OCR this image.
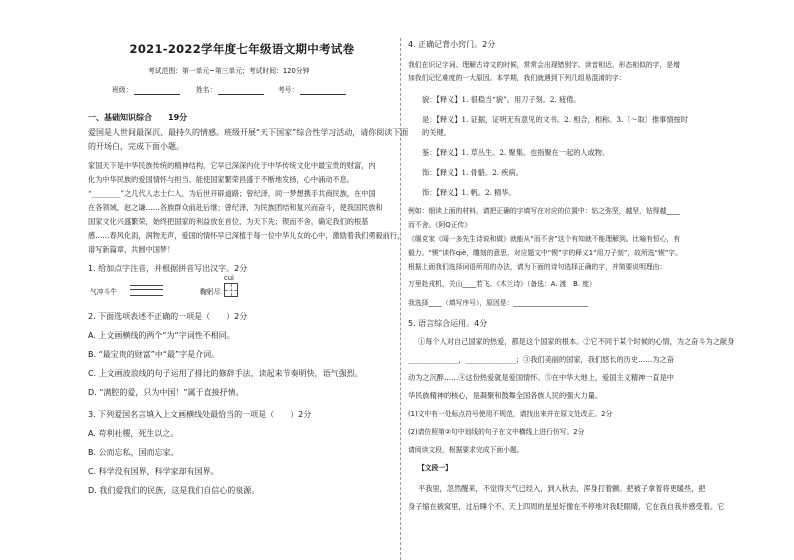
2021-2022学年度七年级语文期中考试卷
考试范围：第一单元~第三单元；考试时间：120分钟
班级：	姓名：	考号：
一、基础知识综合　　19分
爱国是人世间最深沉、最持久的情感。班级开展“天下国家”综合性学习活动，请你阅读下面
的开场白，完成下面小题。
家国天下是中华民族传统的精神结构，它早已深深内化于中华传统文化中最宝贵的财富，内
化为中华民族的爱国情怀与担当、能使国家繁荣昌盛于不断地发扬，心中涌动不息。
“________”之几代人志士仁人，为后世开辟道路；曾纪泽，同一梦想携手共商民族，在中国
在各领域，赵之谦……各族群众前赴后继；曾纪泽，为民族团结和复兴而奋斗，使我国民族和
国家文化兴盛繁荣，始终把国家的利益放在首位，为天下先；锲而不舍，确定我们的根基
感……春风化雨，润物无声，爱国的情怀早已深植于每一位中华儿女的心中，激励着我们勇毅前行，
谱写新篇章，共圆中国梦！
1. 给加点字注音，并根据拼音写出汉字。2分
气冲斗牛
cui
鞠躬尽
2. 下面选项表述不正确的一项是（　　）2分
A. 上文画横线的两个“为”字词性不相同。
B. “最宝贵的财富”中“最”字是介词。
C. 上文画波浪线的句子运用了排比的修辞手法，读起来节奏明快，语气强烈。
D. “满腔的爱，只为中国！”属于直接抒情。
3. 下列爱国名言填入上文画横线处最恰当的一项是（　　）2分
A. 苟利社稷，死生以之。
B. 公而忘私，国而忘家。
C. 科学没有国界，科学家却有国界。
D. 我们爱我们的民族，这是我们自信心的泉源。
4. 正确记背小窍门。2分
我们在识记字词、理解古诗文的时候，常常会出现错别字。读音相近、形态相似的字，是增
加我们记忆难度的一大原因。本学期，我们就遇到下列几组易混淆的字：
貌：【释义】1. 很稳当“貌”。用刀子刻。2. 疲倦。
是：【释义】1. 证据，证明无有意见的文书。2. 相合，相称。3.〔～取〕推事情按时
的关键。
鉴：【释义】1. 草丛生。2. 聚集。也指聚在一起的人或物。
饰：【释义】1. 骨骼。2. 疾病。
饰：【释义】1. 帆。2. 精华。
例如：细读上面的材料，请把正确的字填写在对应的位置中：钻之弥坚，越坚，钻得越____
而不舍。《阿Q正传》
《缅克家《闻一多先生诗说和做》就能从“而不舍”这个有知就不能理解到。比喻有恒心，有
毅力。“锲”读作qiè，雕刻的意思，对应题文中“锲”字的释义1“用刀子刻”，故所选“锲”字。
根据上面我们选择词语所用的办法，请为下面的诗句选择正确的字，并简要说明理由：
万里赴戎机，关山____若飞。《木兰诗》（备选：A. 渡　B. 度）
我选择____（填写序号），原因是：______________________
5. 语言综合运用。4分
①每个人对自己国家的热爱，都是这个国家的根本。②它不同于某个时候的心情，为之奋斗为之献身
______________，______________；③我们美丽的国家，我们悠长的历史……为之奋
动为之沉醉……④这份热爱就是爱国情怀。⑤在中华大地上，爱国主义精神一直是中
华民族精神的核心，是凝聚和鼓舞全国各族人民的强大力量。
(1)文中有一处标点符号使用不规范，请找出来并在原文处改正。2分
(2)请仿照第②句中划线的句子在文中横线上进行仿写。2分
请阅读文段，根据要求完成下面小题。
【文段一】
平我里，忽然醒来，不觉得天气已经入，到入秋去，浑身打着颤。把被子拿着将更暖些，把
身子缩在被窝里，过后睡个不。天上四周的星星好像在不停地对我眨眼睛，它在我自我并感受着。它
